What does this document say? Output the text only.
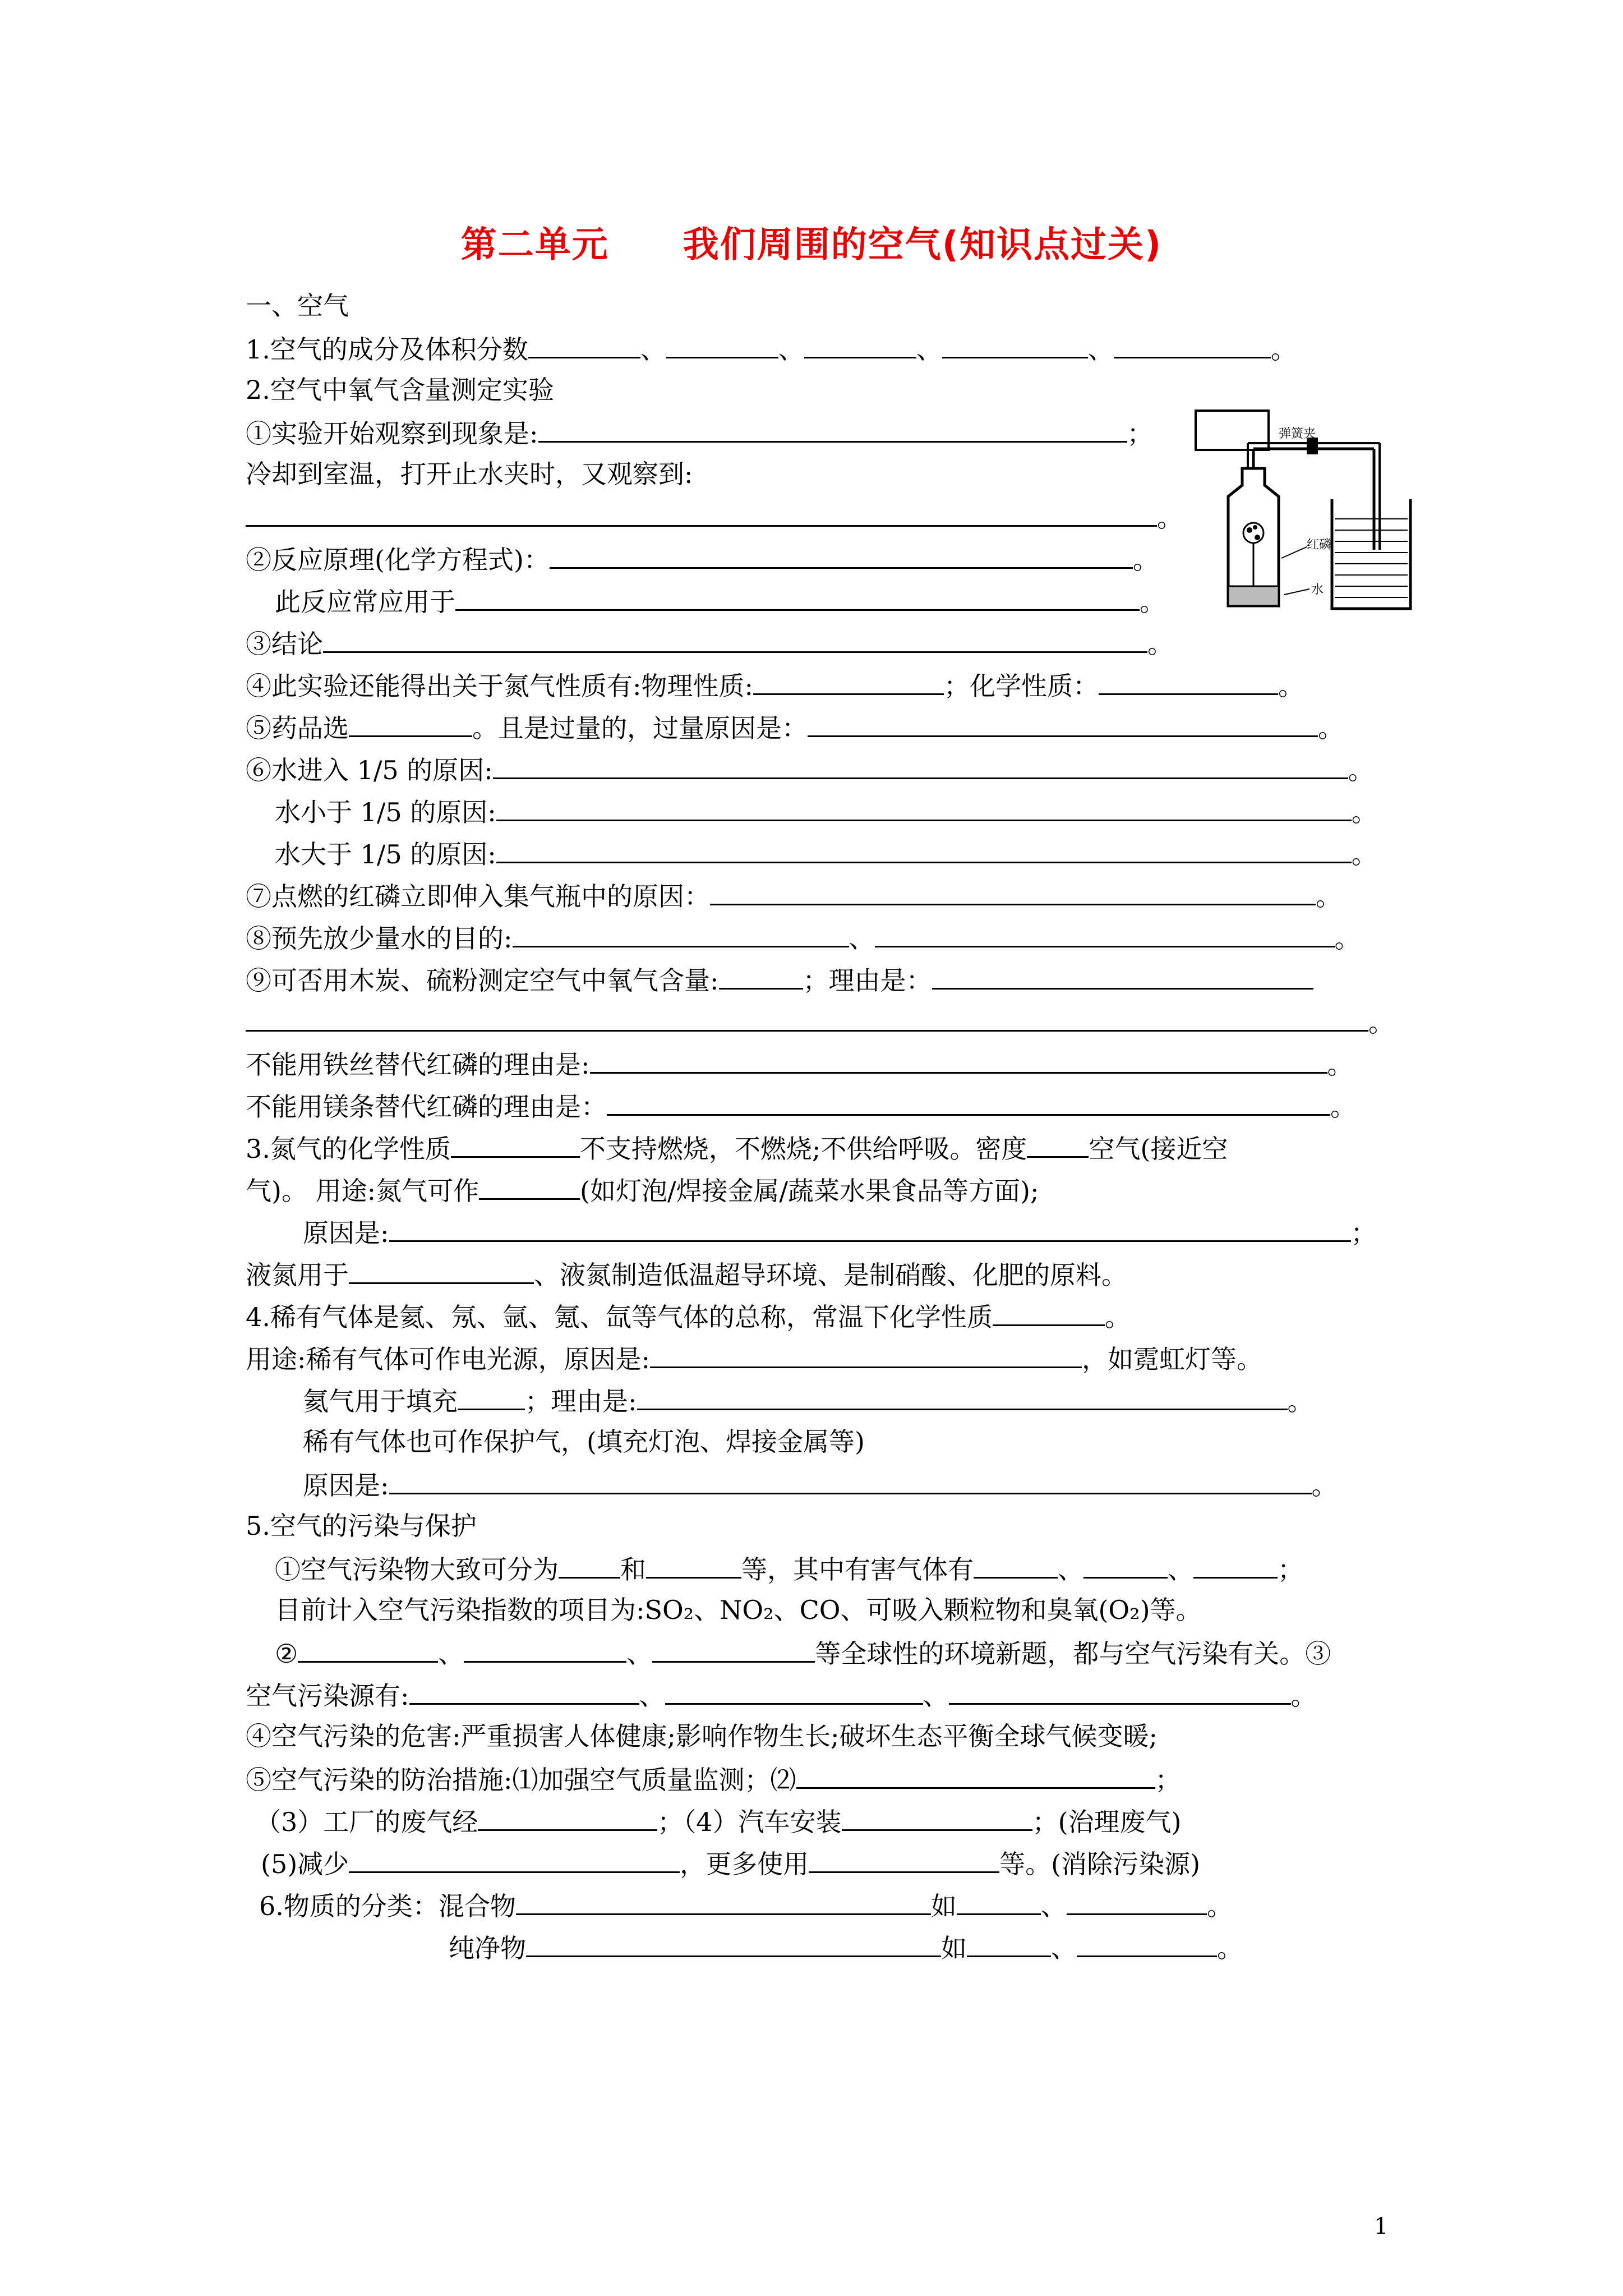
第二单元　　我们周围的空气(知识点过关)
一、空气
1.空气的成分及体积分数	、	、	、	、	。
2.空气中氧气含量测定实验
①实验开始观察到现象是:	；
冷却到室温，打开止水夹时，又观察到:
。
②反应原理(化学方程式)：	。
此反应常应用于	。
③结论	。
④此实验还能得出关于氮气性质有:物理性质:	；化学性质：	。
⑤药品选	。且是过量的，过量原因是：	。
⑥水进入 1/5 的原因:	。
水小于 1/5 的原因:	。
水大于 1/5 的原因:	。
⑦点燃的红磷立即伸入集气瓶中的原因：	。
⑧预先放少量水的目的:	、	。
⑨可否用木炭、硫粉测定空气中氧气含量:	；理由是：
。
不能用铁丝替代红磷的理由是:	。
不能用镁条替代红磷的理由是：	。
3.氮气的化学性质	不支持燃烧，不燃烧;不供给呼吸。密度 空气(接近空
气)。 用途:氮气可作	(如灯泡/焊接金属/蔬菜水果食品等方面);
原因是:	；
液氮用于	、液氮制造低温超导环境、是制硝酸、化肥的原料。
4.稀有气体是氦、氖、氩、氪、氙等气体的总称，常温下化学性质	。
用途:稀有气体可作电光源，原因是:	，如霓虹灯等。
氦气用于填充	；理由是:	。
稀有气体也可作保护气，(填充灯泡、焊接金属等)
原因是:	。
5.空气的污染与保护
①空气污染物大致可分为 和	等，其中有害气体有	、	、	；
目前计入空气污染指数的项目为:SO₂、NO₂、CO、可吸入颗粒物和臭氧(O₂)等。
②	、	、	等全球性的环境新题，都与空气污染有关。③
空气污染源有:	、	、	。
④空气污染的危害:严重损害人体健康;影响作物生长;破坏生态平衡全球气候变暖;
⑤空气污染的防治措施:⑴加强空气质量监测；⑵	；
（3）工厂的废气经	；（4）汽车安装	；(治理废气)
(5)减少	，更多使用	等。(消除污染源)
6.物质的分类：混合物	如	、	。
纯净物	如	、	。
弹簧夹
红磷
水
1
